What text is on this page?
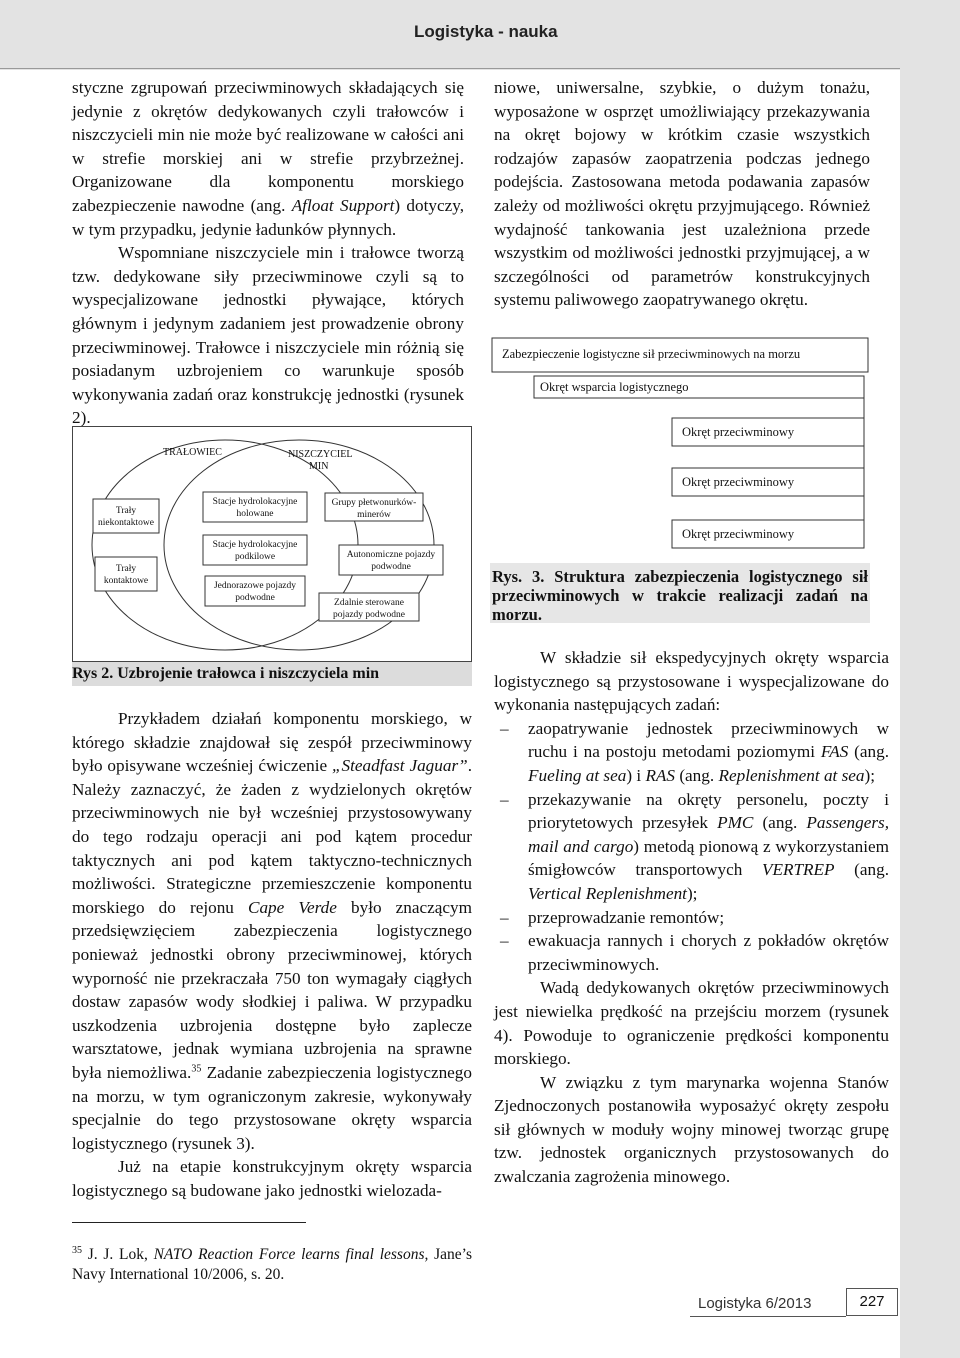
Logistyka - nauka

styczne zgrupowań przeciwminowych składających się jedynie z okrętów dedykowanych czyli trałowców i niszczycieli min nie może być realizowane w całości ani w strefie morskiej ani w strefie przybrzeżnej. Organizowane dla komponentu morskiego zabezpieczenie nawodne (ang. Afloat Support) dotyczy, w tym przypadku, jedynie ładunków płynnych.

Wspomniane niszczyciele min i trałowce tworzą tzw. dedykowane siły przeciwminowe czyli są to wyspecjalizowane jednostki pływające, których głównym i jedynym zadaniem jest prowadzenie obrony przeciwminowej. Trałowce i niszczyciele min różnią się posiadanym uzbrojeniem co warunkuje sposób wykonywania zadań oraz konstrukcję jednostki (rysunek 2).

niowe, uniwersalne, szybkie, o dużym tonażu, wyposażone w osprzęt umożliwiający przekazywania na okręt bojowy w krótkim czasie wszystkich rodzajów zapasów zaopatrzenia podczas jednego podejścia. Zastosowana metoda podawania zapasów zależy od możliwości okrętu przyjmującego. Również wydajność tankowania jest uzależniona przede wszystkim od możliwości jednostki przyjmującej, a w szczególności od parametrów konstrukcyjnych systemu paliwowego zaopatrywanego okrętu.

Zabezpieczenie logistyczne sił przeciwminowych na morzu
Okręt wsparcia logistycznego
Okręt przeciwminowy
Okręt przeciwminowy
Okręt przeciwminowy
Rys. 3. Struktura zabezpieczenia logistycznego sił przeciwminowych w trakcie realizacji zadań na morzu.
TRAŁOWIEC	NISZCZYCIEL
MIN
Trały
niekontaktowe
Trały
kontaktowe
Stacje hydrolokacyjne
holowane
Stacje hydrolokacyjne
podkilowe
Jednorazowe pojazdy
podwodne
Grupy płetwonurków-
minerów
Autonomiczne pojazdy
podwodne
Zdalnie sterowane
pojazdy podwodne
Rys 2. Uzbrojenie trałowca i niszczyciela min

Przykładem działań komponentu morskiego, w którego składzie znajdował się zespół przeciwminowy było opisywane wcześniej ćwiczenie „Steadfast Jaguar”. Należy zaznaczyć, że żaden z wydzielonych okrętów przeciwminowych nie był wcześniej przystosowywany do tego rodzaju operacji ani pod kątem procedur taktycznych ani pod kątem taktyczno-technicznych możliwości. Strategiczne przemieszczenie komponentu morskiego do rejonu Cape Verde było znaczącym przedsięwzięciem zabezpieczenia logistycznego ponieważ jednostki obrony przeciwminowej, których wyporność nie przekraczała 750 ton wymagały ciągłych dostaw zapasów wody słodkiej i paliwa. W przypadku uszkodzenia uzbrojenia dostępne było zaplecze warsztatowe, jednak wymiana uzbrojenia na sprawne była niemożliwa.$^{35}$ Zadanie zabezpieczenia logistycznego na morzu, w tym ograniczonym zakresie, wykonywały specjalnie do tego przystosowane okręty wsparcia logistycznego (rysunek 3).

Już na etapie konstrukcyjnym okręty wsparcia logistycznego są budowane jako jednostki wielozada-

W składzie sił ekspedycyjnych okręty wsparcia logistycznego są przystosowane i wyspecjalizowane do wykonania następujących zadań:

– zaopatrywanie jednostek przeciwminowych w ruchu i na postoju metodami poziomymi FAS (ang. Fueling at sea) i RAS (ang. Replenishment at sea);
– przekazywanie na okręty personelu, poczty i priorytetowych przesyłek PMC (ang. Passengers, mail and cargo) metodą pionową z wykorzystaniem śmigłowców transportowych VERTREP (ang. Vertical Replenishment);
– przeprowadzanie remontów;
– ewakuacja rannych i chorych z pokładów okrętów przeciwminowych.

Wadą dedykowanych okrętów przeciwminowych jest niewielka prędkość na przejściu morzem (rysunek 4). Powoduje to ograniczenie prędkości komponentu morskiego.

W związku z tym marynarka wojenna Stanów Zjednoczonych postanowiła wyposażyć okręty zespołu sił głównych w moduły wojny minowej tworząc grupę tzw. jednostek organicznych przystosowanych do zwalczania zagrożenia minowego.

$^{35}$ J. J. Lok, NATO Reaction Force learns final lessons, Jane’s Navy International 10/2006, s. 20.
Logistyka 6/2013	227
